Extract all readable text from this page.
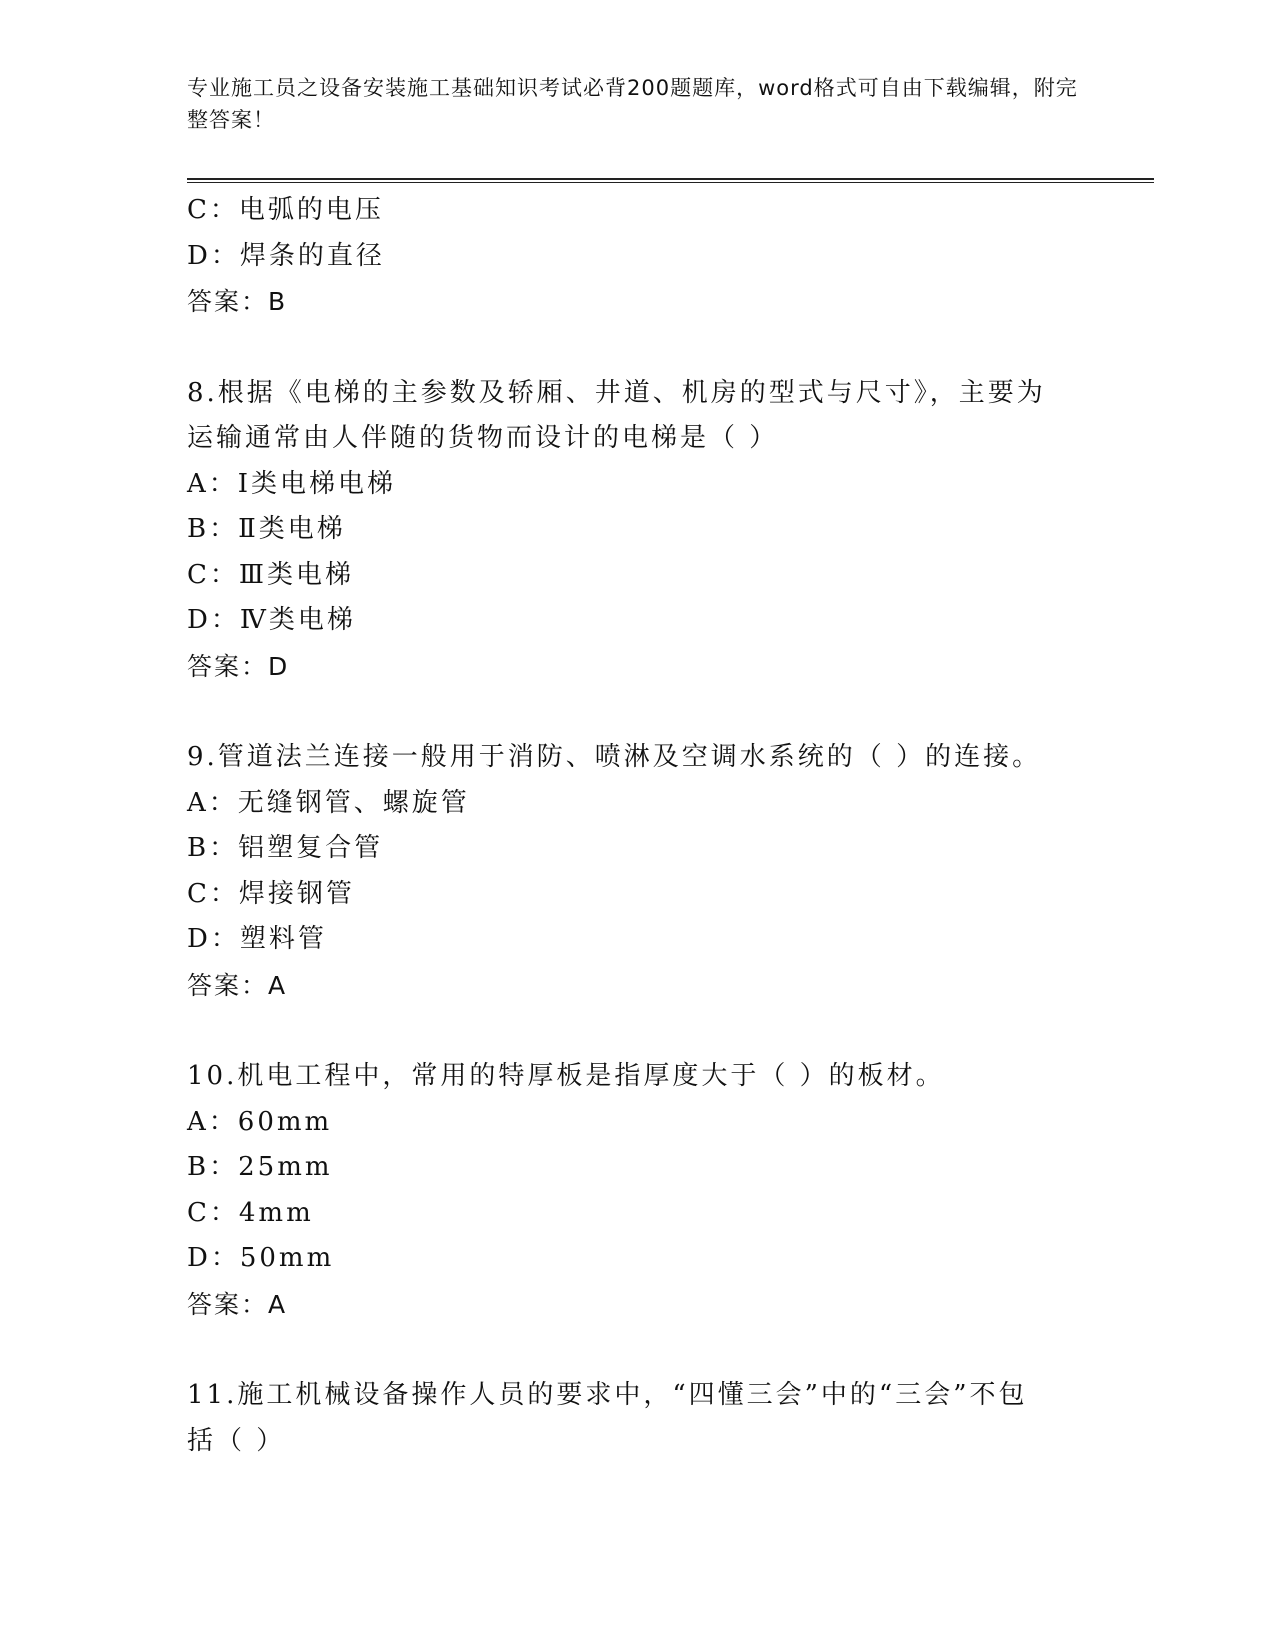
专业施工员之设备安装施工基础知识考试必背200题题库，word格式可自由下载编辑，附完整答案！
C：电弧的电压
D：焊条的直径
答案：B
8.根据《电梯的主参数及轿厢、井道、机房的型式与尺寸》，主要为
运输通常由人伴随的货物而设计的电梯是（ ）
A：Ⅰ类电梯电梯
B：Ⅱ类电梯
C：Ⅲ类电梯
D：Ⅳ类电梯
答案：D
9.管道法兰连接一般用于消防、喷淋及空调水系统的（ ）的连接。
A：无缝钢管、螺旋管
B：铝塑复合管
C：焊接钢管
D：塑料管
答案：A
10.机电工程中，常用的特厚板是指厚度大于（ ）的板材。
A：60mm
B：25mm
C：4mm
D：50mm
答案：A
11.施工机械设备操作人员的要求中，“四懂三会”中的“三会”不包
括（ ）
